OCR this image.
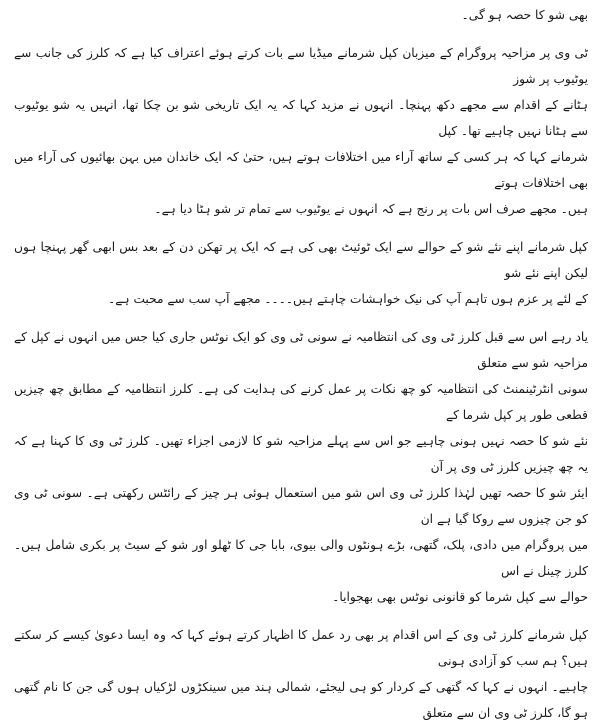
بھی شو کا حصہ ہو گی۔

ٹی وی پر مزاحیہ پروگرام کے میزبان کپل شرمانے میڈیا سے بات کرتے ہوئے اعتراف کیا ہے کہ کلرز کی جانب سے یوٹیوب پر شوز
ہٹانے کے اقدام سے مجھے دکھ پہنچا۔ انہوں نے مزید کہا کہ یہ ایک تاریخی شو بن چکا تھا، انہیں یہ شو یوٹیوب سے ہٹانا نہیں چاہیے تھا۔ کپل
شرمانے کہا کہ ہر کسی کے ساتھ آراء میں اختلافات ہوتے ہیں، حتیٰ کہ ایک خاندان میں بہن بھائیوں کی آراء میں بھی اختلافات ہوتے
ہیں۔ مجھے صرف اس بات پر رنج ہے کہ انہوں نے یوٹیوب سے تمام تر شو ہٹا دیا ہے۔

کپل شرمانے اپنے نئے شو کے حوالے سے ایک ٹوئیٹ بھی کی ہے کہ ایک پر تھکن دن کے بعد بس ابھی گھر پہنچا ہوں لیکن اپنے نئے شو
کے لئے پر عزم ہوں تاہم آپ کی نیک خواہشات چاہتے ہیں۔۔۔۔ مجھے آپ سب سے محبت ہے۔

یاد رہے اس سے قبل کلرز ٹی وی کی انتظامیہ نے سونی ٹی وی کو ایک نوٹس جاری کیا جس میں انہوں نے کپل کے مزاحیہ شو سے متعلق
سونی انٹرٹینمنٹ کی انتظامیہ کو چھ نکات پر عمل کرنے کی ہدایت کی ہے۔ کلرز انتظامیہ کے مطابق چھ چیزیں قطعی طور پر کپل شرما کے
نئے شو کا حصہ نہیں ہونی چاہیے جو اس سے پہلے مزاحیہ شو کا لازمی اجزاء تھیں۔ کلرز ٹی وی کا کہنا ہے کہ یہ چھ چیزیں کلرز ٹی وی پر آن
ایئر شو کا حصہ تھیں لہٰذا کلرز ٹی وی اس شو میں استعمال ہوئی ہر چیز کے رائٹس رکھتی ہے۔ سونی ٹی وی کو جن چیزوں سے روکا گیا ہے ان
میں پروگرام میں دادی، پلک، گتھی، بڑے ہونٹوں والی بیوی، بابا جی کا ٹھلو اور شو کے سیٹ پر بکری شامل ہیں۔ کلرز چینل نے اس
حوالے سے کپل شرما کو قانونی نوٹس بھی بھجوایا۔

کپل شرمانے کلرز ٹی وی کے اس اقدام پر بھی رد عمل کا اظہار کرتے ہوئے کہا کہ وہ ایسا دعویٰ کیسے کر سکتے ہیں؟ ہم سب کو آزادی ہونی
چاہیے۔ انہوں نے کہا کہ گتھی کے کردار کو ہی لیجئے، شمالی ہند میں سینکڑوں لڑکیاں ہوں گی جن کا نام گتھی ہو گا، کلرز ٹی وی ان سے متعلق
